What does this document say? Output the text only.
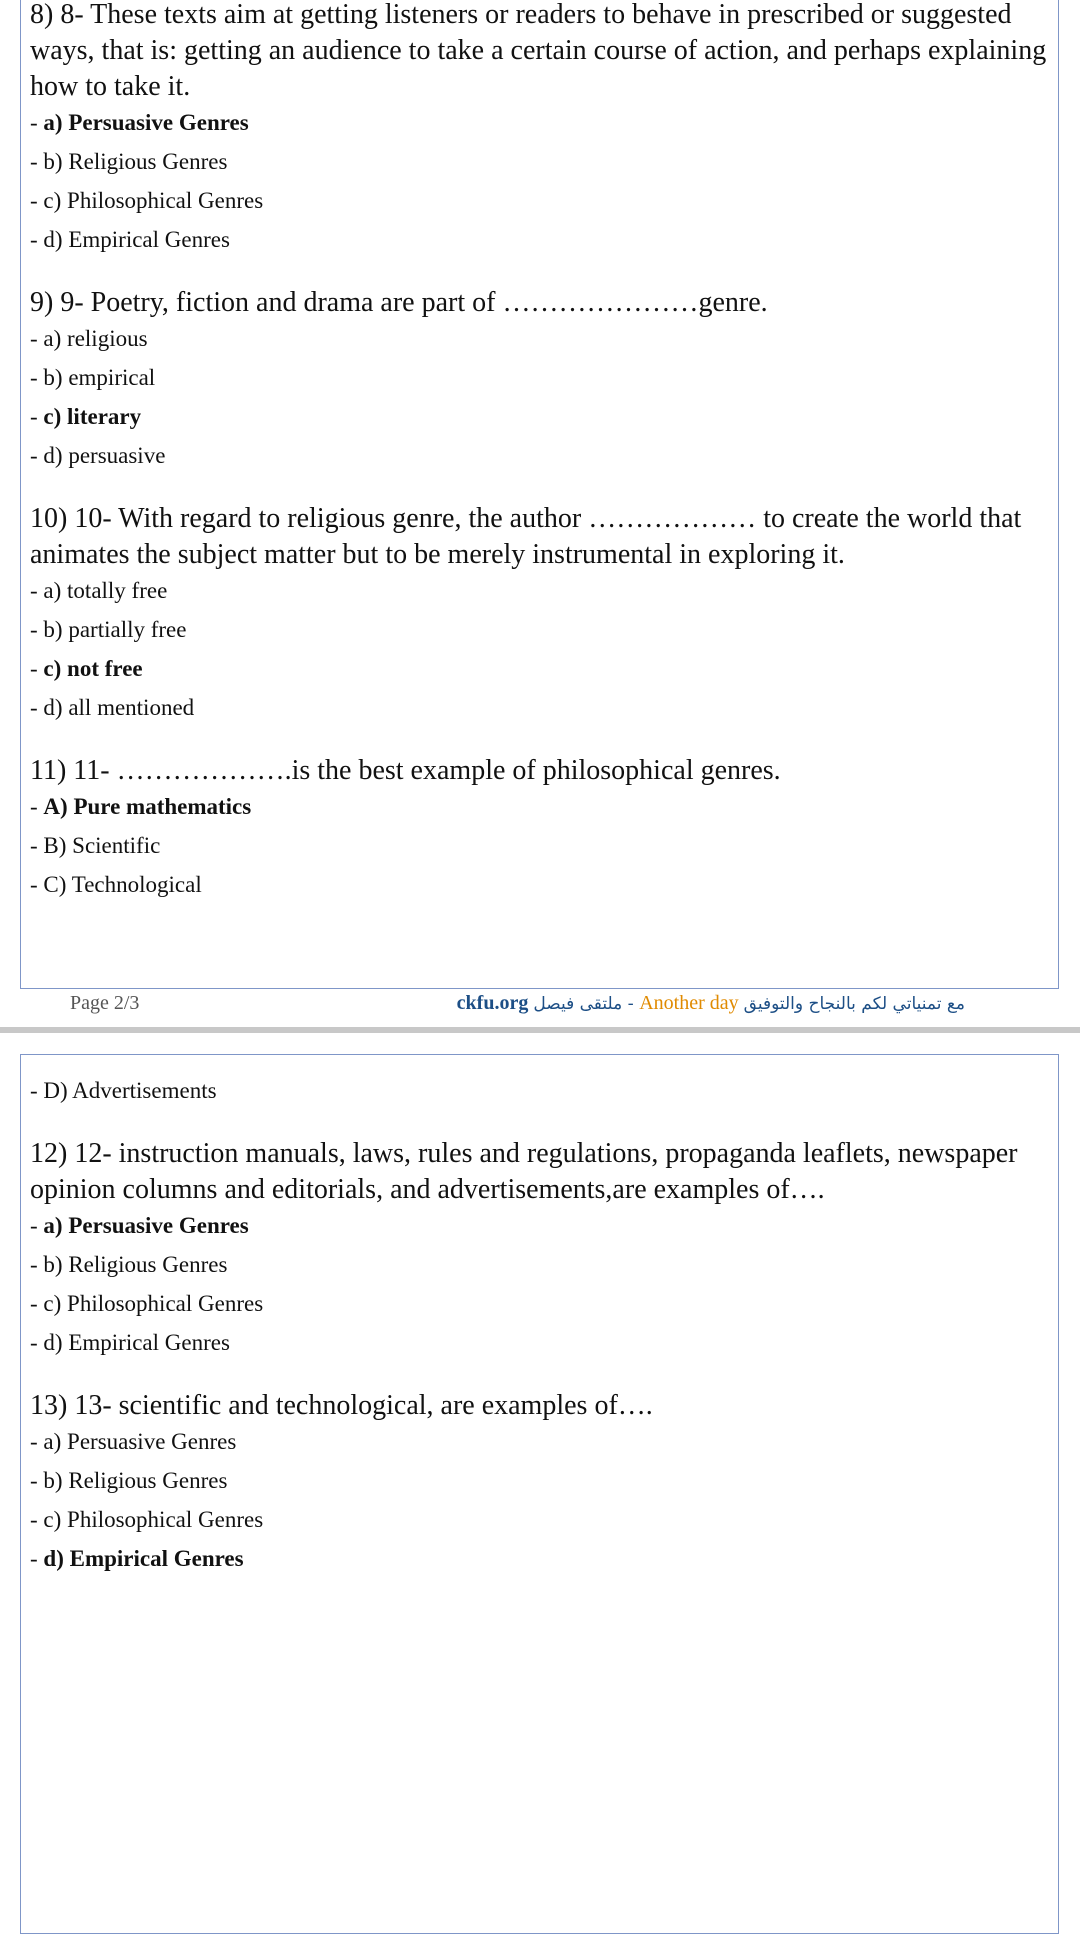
8) 8- These texts aim at getting listeners or readers to behave in prescribed or suggested ways, that is: getting an audience to take a certain course of action, and perhaps explaining how to take it.
- a) Persuasive Genres
- b) Religious Genres
- c) Philosophical Genres
- d) Empirical Genres
9) 9- Poetry, fiction and drama are part of …………………genre.
- a) religious
- b) empirical
- c) literary
- d) persuasive
10) 10- With regard to religious genre, the author ……………… to create the world that animates the subject matter but to be merely instrumental in exploring it.
- a) totally free
- b) partially free
- c) not free
- d) all mentioned
11) 11- ……………….is the best example of philosophical genres.
- A) Pure mathematics
- B) Scientific
- C) Technological
Page 2/3	ckfu.org ملتقى فيصل - Another day مع تمنياتي لكم بالنجاح والتوفيق
- D) Advertisements
12) 12- instruction manuals, laws, rules and regulations, propaganda leaflets, newspaper opinion columns and editorials, and advertisements,are examples of….
- a) Persuasive Genres
- b) Religious Genres
- c) Philosophical Genres
- d) Empirical Genres
13) 13- scientific and technological, are examples of….
- a) Persuasive Genres
- b) Religious Genres
- c) Philosophical Genres
- d) Empirical Genres
